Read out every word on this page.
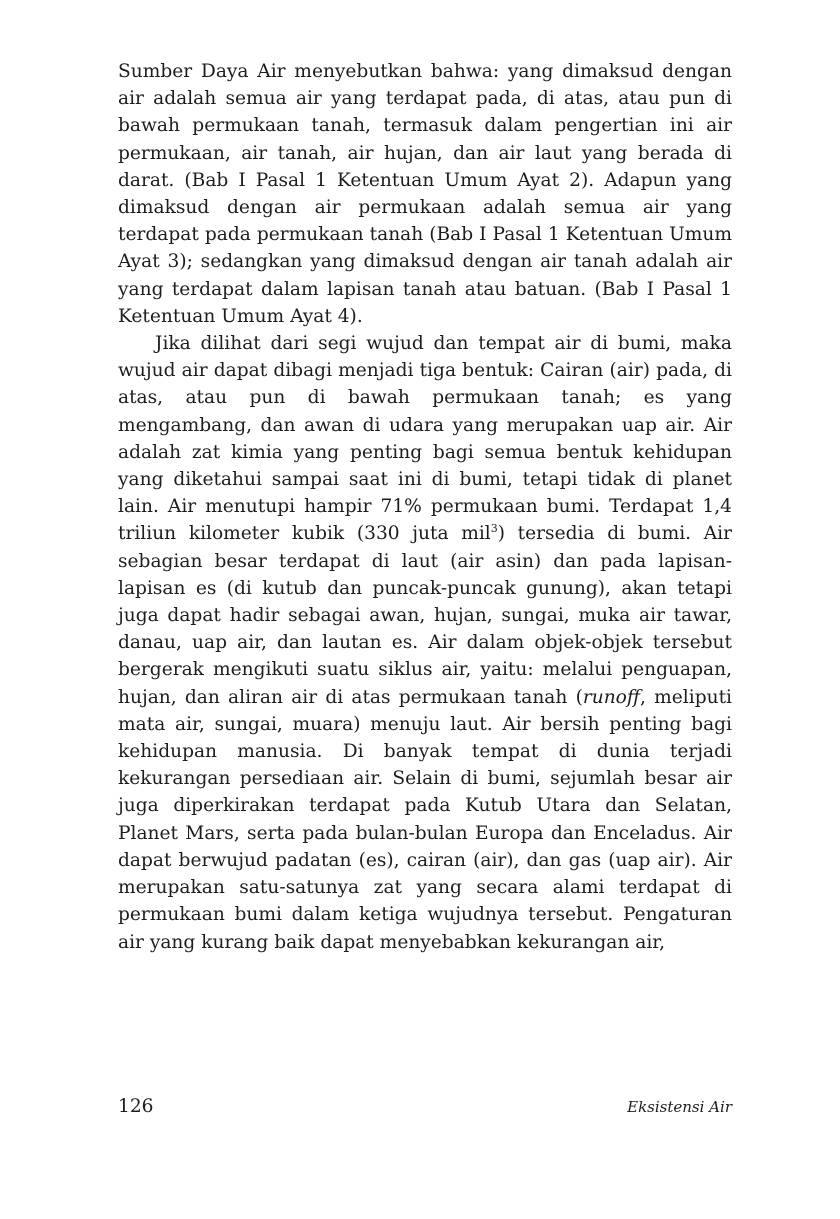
Sumber Daya Air menyebutkan bahwa: yang dimaksud dengan air adalah semua air yang terdapat pada, di atas, atau pun di bawah permukaan tanah, termasuk dalam pengertian ini air permukaan, air tanah, air hujan, dan air laut yang berada di darat. (Bab I Pasal 1 Ketentuan Umum Ayat 2). Adapun yang dimaksud dengan air permukaan adalah semua air yang terdapat pada permukaan tanah (Bab I Pasal 1 Ketentuan Umum Ayat 3); sedangkan yang dimaksud dengan air tanah adalah air yang terdapat dalam lapisan tanah atau batuan. (Bab I Pasal 1 Ketentuan Umum Ayat 4).

Jika dilihat dari segi wujud dan tempat air di bumi, maka wujud air dapat dibagi menjadi tiga bentuk: Cairan (air) pada, di atas, atau pun di bawah permukaan tanah; es yang mengambang, dan awan di udara yang merupakan uap air. Air adalah zat kimia yang penting bagi semua bentuk kehidupan yang diketahui sampai saat ini di bumi, tetapi tidak di planet lain. Air menutupi hampir 71% permukaan bumi. Terdapat 1,4 triliun kilometer kubik (330 juta mil$^3$) tersedia di bumi. Air sebagian besar terdapat di laut (air asin) dan pada lapisan-lapisan es (di kutub dan puncak-puncak gunung), akan tetapi juga dapat hadir sebagai awan, hujan, sungai, muka air tawar, danau, uap air, dan lautan es. Air dalam objek-objek tersebut bergerak mengikuti suatu siklus air, yaitu: melalui penguapan, hujan, dan aliran air di atas permukaan tanah (runoff, meliputi mata air, sungai, muara) menuju laut. Air bersih penting bagi kehidupan manusia. Di banyak tempat di dunia terjadi kekurangan persediaan air. Selain di bumi, sejumlah besar air juga diperkirakan terdapat pada Kutub Utara dan Selatan, Planet Mars, serta pada bulan-bulan Europa dan Enceladus. Air dapat berwujud padatan (es), cairan (air), dan gas (uap air). Air merupakan satu-satunya zat yang secara alami terdapat di permukaan bumi dalam ketiga wujudnya tersebut. Pengaturan air yang kurang baik dapat menyebabkan kekurangan air,

126	Eksistensi Air
